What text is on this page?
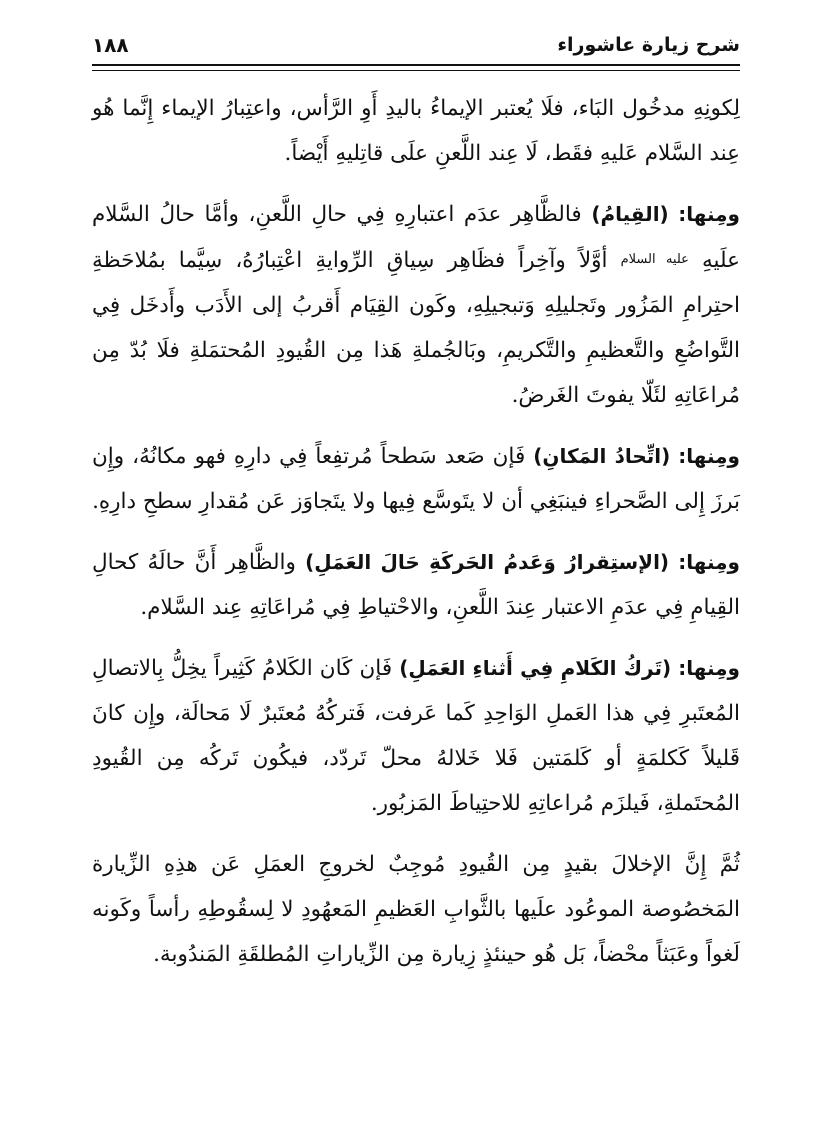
شرح زيارة عاشوراء
١٨٨

لِكونِهِ مدخُول البَاء، فلَا يُعتبر الإيماءُ باليدِ أَوِ الرَّأس، واعتِبارُ الإيماء إِنَّما هُو عِند السَّلام عَليهِ فقَط، لَا عِند اللَّعنِ علَى قاتِليهِ أَيْضاً.

ومِنها: (القِيامُ) فالظَّاهِر عدَم اعتبارِهِ فِي حالِ اللَّعنِ، وأمَّا حالُ السَّلام علَيهِ عليه السلام أوَّلاً وآخِراً فظَاهِر سِياقِ الرِّوايةِ اعْتِبارُهُ، سِيَّما بمُلاحَظةِ احتِرامِ المَزُور وتَجليلِهِ وَتبجيلِهِ، وكَون القِيَام أَقربُ إلى الأَدَب وأَدخَل فِي التَّواضُعِ والتَّعظيمِ والتَّكريمِ، وبَالجُملةِ هَذا مِن القُيودِ المُحتمَلةِ فلَا بُدّ مِن مُراعَاتِهِ لئَلّا يفوتَ الغَرضُ.

ومِنها: (اتِّحادُ المَكانِ) فَإن صَعد سَطحاً مُرتفِعاً فِي دارِهِ فهو مكانُهُ، وإِن بَرزَ إِلى الصَّحراءِ فينبَغِي أن لا يتَوسَّع فِيها ولا يتَجاوَز عَن مُقدارِ سطحِ دارِهِ.

ومِنها: (الإستِقرارُ وَعَدمُ الحَركَةِ حَالَ العَمَلِ) والظَّاهِر أَنَّ حالَهُ كحالِ القِيامِ فِي عدَمِ الاعتبار عِندَ اللَّعنِ، والاحْتياطِ فِي مُراعَاتِهِ عِند السَّلام.

ومِنها: (تَركُ الكَلامِ فِي أَثناءِ العَمَلِ) فَإن كَان الكَلامُ كَثِيراً يخِلُّ بِالاتصالِ المُعتَبرِ فِي هذا العَملِ الوَاحِدِ كَما عَرفت، فَتركُهُ مُعتَبرٌ لَا مَحالَة، وإِن كانَ قَليلاً كَكلمَةٍ أو كَلمَتين فَلا خَلالهُ محلّ تَردّد، فيكُون تَركُه مِن القُيودِ المُحتَملةِ، فَيلزَم مُراعاتِهِ للاحتِياطَ المَزبُور.

ثُمَّ إِنَّ الإخلالَ بقيدٍ مِن القُيودِ مُوجِبٌ لخروجِ العمَلِ عَن هذِهِ الزِّيارة المَخصُوصة الموعُود علَيها بالثَّوابِ العَظيمِ المَعهُودِ لا لِسقُوطِهِ رأساً وكَونه لَغواً وعَبَثاً محْضاً، بَل هُو حينئذٍ زِيارة مِن الزِّياراتِ المُطلقَةِ المَندُوبة.
